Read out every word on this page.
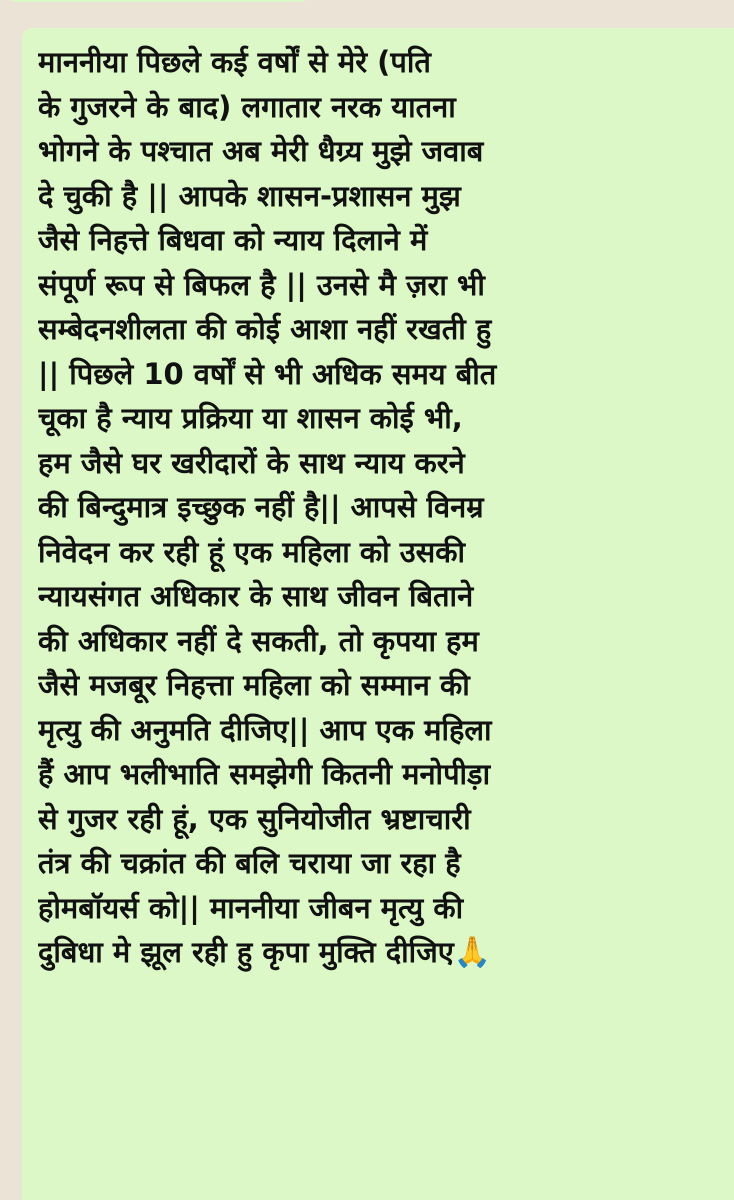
माननीया पिछले कई वर्षों से मेरे (पति
के गुजरने के बाद) लगातार नरक यातना
भोगने के पश्चात अब मेरी धैग्र्य मुझे जवाब
दे चुकी है || आपके शासन-प्रशासन मुझ
जैसे निहत्ते बिधवा को न्याय दिलाने में
संपूर्ण रूप से बिफल है || उनसे मै ज़रा भी
सम्बेदनशीलता की कोई आशा नहीं रखती हु
|| पिछले 10 वर्षों से भी अधिक समय बीत
चूका है न्याय प्रक्रिया या शासन कोई भी,
हम जैसे घर खरीदारों के साथ न्याय करने
की बिन्दुमात्र इच्छुक नहीं है|| आपसे विनम्र
निवेदन कर रही हूं एक महिला को उसकी
न्यायसंगत अधिकार के साथ जीवन बिताने
की अधिकार नहीं दे सकती, तो कृपया हम
जैसे मजबूर निहत्ता महिला को सम्मान की
मृत्यु की अनुमति दीजिए|| आप एक महिला
हैं आप भलीभाति समझेगी कितनी मनोपीड़ा
से गुजर रही हूं, एक सुनियोजीत भ्रष्टाचारी
तंत्र की चक्रांत की बलि चराया जा रहा है
होमबॉयर्स को|| माननीया जीबन मृत्यु की
दुबिधा मे झूल रही हु कृपा मुक्ति दीजिए🙏
